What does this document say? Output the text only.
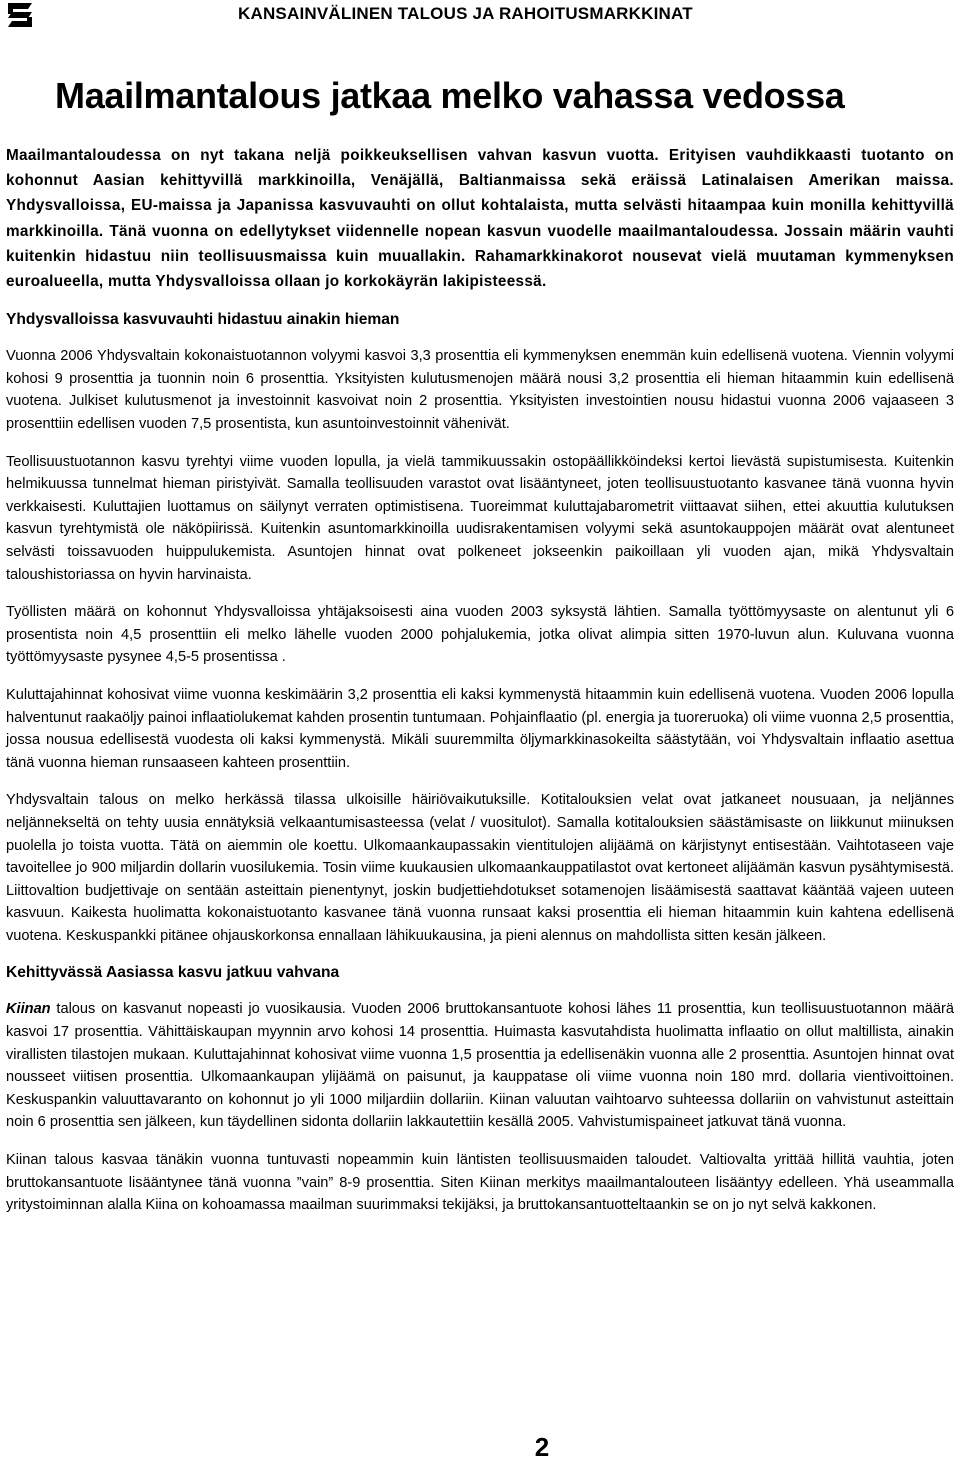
KANSAINVÄLINEN TALOUS JA RAHOITUSMARKKINAT
Maailmantalous jatkaa melko vahassa vedossa

Maailmantaloudessa on nyt takana neljä poikkeuksellisen vahvan kasvun vuotta. Erityisen vauhdikkaasti tuotanto on kohonnut Aasian kehittyvillä markkinoilla, Venäjällä, Baltianmaissa sekä eräissä Latinalaisen Amerikan maissa. Yhdysvalloissa, EU-maissa ja Japanissa kasvuvauhti on ollut kohtalaista, mutta selvästi hitaampaa kuin monilla kehittyvillä markkinoilla. Tänä vuonna on edellytykset viidennelle nopean kasvun vuodelle maailmantaloudessa. Jossain määrin vauhti kuitenkin hidastuu niin teollisuusmaissa kuin muuallakin. Rahamarkkinakorot nousevat vielä muutaman kymmenyksen euroalueella, mutta Yhdysvalloissa ollaan jo korkokäyrän lakipisteessä.

Yhdysvalloissa kasvuvauhti hidastuu ainakin hieman

Vuonna 2006 Yhdysvaltain kokonaistuotannon volyymi kasvoi 3,3 prosenttia eli kymmenyksen enemmän kuin edellisenä vuotena. Viennin volyymi kohosi 9 prosenttia ja tuonnin noin 6 prosenttia. Yksityisten kulutusmenojen määrä nousi 3,2 prosenttia eli hieman hitaammin kuin edellisenä vuotena. Julkiset kulutusmenot ja investoinnit kasvoivat noin 2 prosenttia. Yksityisten investointien nousu hidastui vuonna 2006 vajaaseen 3 prosenttiin edellisen vuoden 7,5 prosentista, kun asuntoinvestoinnit vähenivät.

Teollisuustuotannon kasvu tyrehtyi viime vuoden lopulla, ja vielä tammikuussakin ostopäällikköindeksi kertoi lievästä supistumisesta. Kuitenkin helmikuussa tunnelmat hieman piristyivät. Samalla teollisuuden varastot ovat lisääntyneet, joten teollisuustuotanto kasvanee tänä vuonna hyvin verkkaisesti. Kuluttajien luottamus on säilynyt verraten optimistisena. Tuoreimmat kuluttajabarometrit viittaavat siihen, ettei akuuttia kulutuksen kasvun tyrehtymistä ole näköpiirissä. Kuitenkin asuntomarkkinoilla uudisrakentamisen volyymi sekä asuntokauppojen määrät ovat alentuneet selvästi toissavuoden huippulukemista. Asuntojen hinnat ovat polkeneet jokseenkin paikoillaan yli vuoden ajan, mikä Yhdysvaltain taloushistoriassa on hyvin harvinaista.

Työllisten määrä on kohonnut Yhdysvalloissa yhtäjaksoisesti aina vuoden 2003 syksystä lähtien. Samalla työttömyysaste on alentunut yli 6 prosentista noin 4,5 prosenttiin eli melko lähelle vuoden 2000 pohjalukemia, jotka olivat alimpia sitten 1970-luvun alun. Kuluvana vuonna työttömyysaste pysynee 4,5-5 prosentissa .

Kuluttajahinnat kohosivat viime vuonna keskimäärin 3,2 prosenttia eli kaksi kymmenystä hitaammin kuin edellisenä vuotena. Vuoden 2006 lopulla halventunut raakaöljy painoi inflaatiolukemat kahden prosentin tuntumaan. Pohjainflaatio (pl. energia ja tuoreruoka) oli viime vuonna 2,5 prosenttia, jossa nousua edellisestä vuodesta oli kaksi kymmenystä. Mikäli suuremmilta öljymarkkinasokeilta säästytään, voi Yhdysvaltain inflaatio asettua tänä vuonna hieman runsaaseen kahteen prosenttiin.

Yhdysvaltain talous on melko herkässä tilassa ulkoisille häiriövaikutuksille. Kotitalouksien velat ovat jatkaneet nousuaan, ja neljännes neljännekseltä on tehty uusia ennätyksiä velkaantumisasteessa (velat / vuositulot). Samalla kotitalouksien säästämisaste on liikkunut miinuksen puolella jo toista vuotta. Tätä on aiemmin ole koettu. Ulkomaankaupassakin vientitulojen alijäämä on kärjistynyt entisestään. Vaihtotaseen vaje tavoitellee jo 900 miljardin dollarin vuosilukemia. Tosin viime kuukausien ulkomaankauppatilastot ovat kertoneet alijäämän kasvun pysähtymisestä. Liittovaltion budjettivaje on sentään asteittain pienentynyt, joskin budjettiehdotukset sotamenojen lisäämisestä saattavat kääntää vajeen uuteen kasvuun. Kaikesta huolimatta kokonaistuotanto kasvanee tänä vuonna runsaat kaksi prosenttia eli hieman hitaammin kuin kahtena edellisenä vuotena. Keskuspankki pitänee ohjauskorkonsa ennallaan lähikuukausina, ja pieni alennus on mahdollista sitten kesän jälkeen.

Kehittyvässä Aasiassa kasvu jatkuu vahvana

Kiinan talous on kasvanut nopeasti jo vuosikausia. Vuoden 2006 bruttokansantuote kohosi lähes 11 prosenttia, kun teollisuustuotannon määrä kasvoi 17 prosenttia. Vähittäiskaupan myynnin arvo kohosi 14 prosenttia. Huimasta kasvutahdista huolimatta inflaatio on ollut maltillista, ainakin virallisten tilastojen mukaan. Kuluttajahinnat kohosivat viime vuonna 1,5 prosenttia ja edellisenäkin vuonna alle 2 prosenttia. Asuntojen hinnat ovat nousseet viitisen prosenttia. Ulkomaankaupan ylijäämä on paisunut, ja kauppatase oli viime vuonna noin 180 mrd. dollaria vientivoittoinen. Keskuspankin valuuttavaranto on kohonnut jo yli 1000 miljardiin dollariin. Kiinan valuutan vaihtoarvo suhteessa dollariin on vahvistunut asteittain noin 6 prosenttia sen jälkeen, kun täydellinen sidonta dollariin lakkautettiin kesällä 2005. Vahvistumispaineet jatkuvat tänä vuonna.

Kiinan talous kasvaa tänäkin vuonna tuntuvasti nopeammin kuin läntisten teollisuusmaiden taloudet. Valtiovalta yrittää hillitä vauhtia, joten bruttokansantuote lisääntynee tänä vuonna ”vain” 8-9 prosenttia. Siten Kiinan merkitys maailmantalouteen lisääntyy edelleen. Yhä useammalla yritystoiminnan alalla Kiina on kohoamassa maailman suurimmaksi tekijäksi, ja bruttokansantuotteltaankin se on jo nyt selvä kakkonen.

2
